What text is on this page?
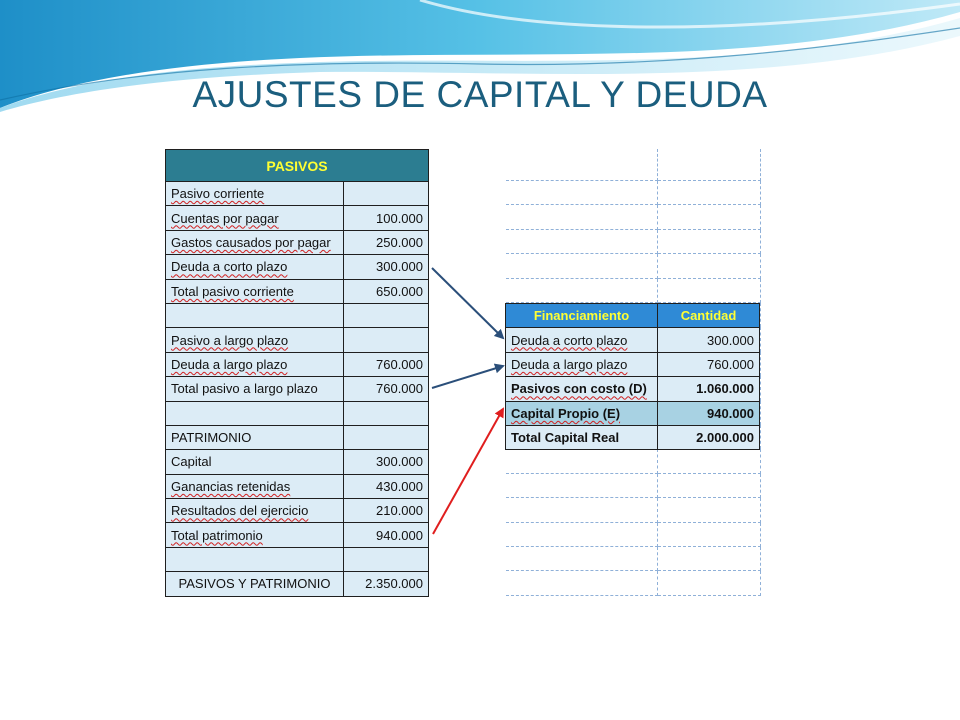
AJUSTES DE CAPITAL Y DEUDA
PASIVOS	
Pasivo corriente	
Cuentas por pagar	100.000
Gastos causados por pagar	250.000
Deuda a corto plazo	300.000
Total pasivo corriente	650.000

Pasivo a largo plazo	
Deuda a largo plazo	760.000
Total pasivo a largo plazo	760.000

PATRIMONIO	
Capital	300.000
Ganancias retenidas	430.000
Resultados del ejercicio	210.000
Total patrimonio	940.000

PASIVOS Y PATRIMONIO	2.350.000
Financiamiento	Cantidad
Deuda a corto plazo	300.000
Deuda a largo plazo	760.000
Pasivos con costo (D)	1.060.000
Capital Propio (E)	940.000
Total Capital Real	2.000.000
